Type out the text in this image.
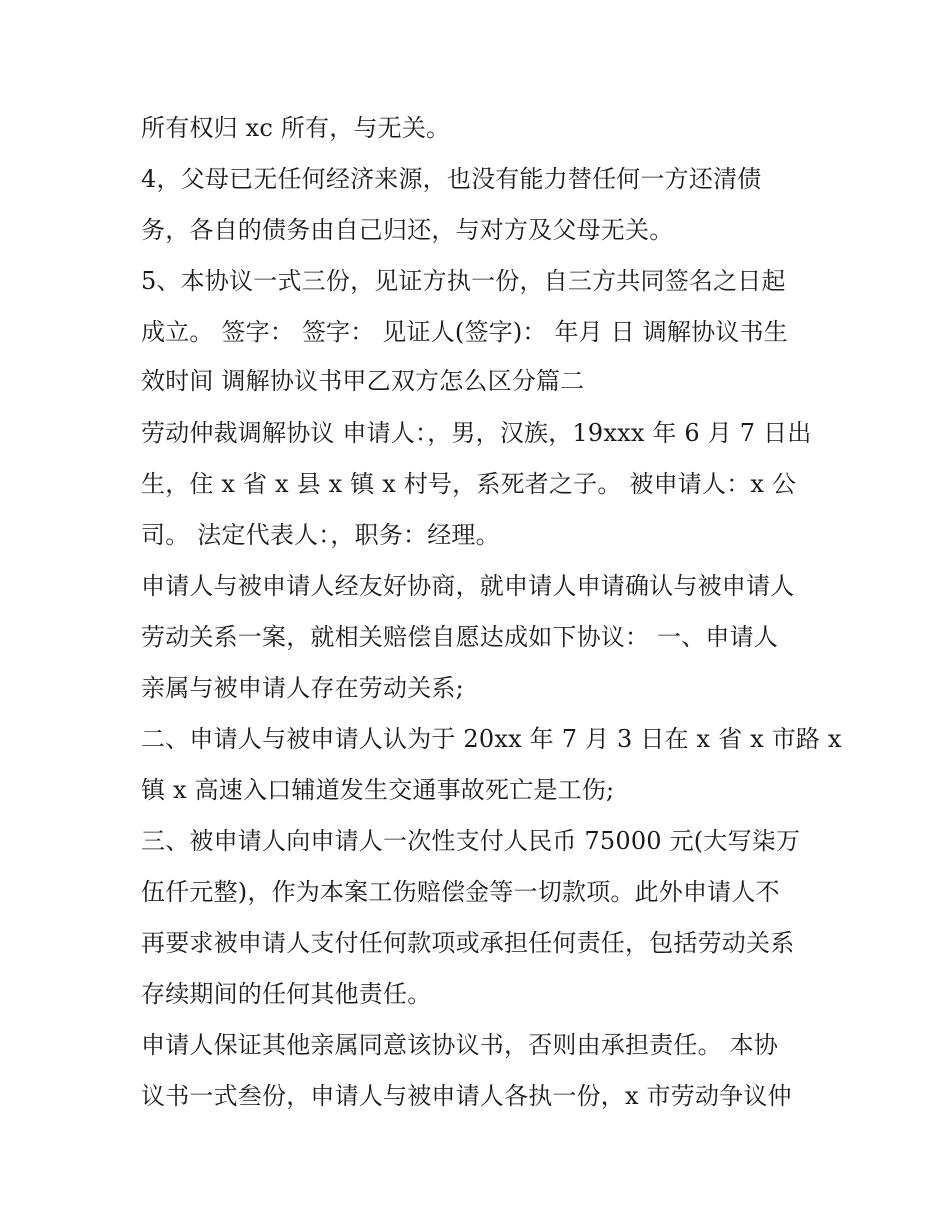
所有权归 xc 所有，与无关。
4，父母已无任何经济来源，也没有能力替任何一方还清债
务，各自的债务由自己归还，与对方及父母无关。
5、本协议一式三份，见证方执一份，自三方共同签名之日起
成立。 签字： 签字： 见证人(签字)： 年月 日 调解协议书生
效时间 调解协议书甲乙双方怎么区分篇二
劳动仲裁调解协议 申请人：，男，汉族，19xxx 年 6 月 7 日出
生，住 x 省 x 县 x 镇 x 村号，系死者之子。 被申请人：x 公
司。 法定代表人：，职务：经理。
申请人与被申请人经友好协商，就申请人申请确认与被申请人
劳动关系一案，就相关赔偿自愿达成如下协议： 一、申请人
亲属与被申请人存在劳动关系;
二、申请人与被申请人认为于 20xx 年 7 月 3 日在 x 省 x 市路 x
镇 x 高速入口辅道发生交通事故死亡是工伤;
三、被申请人向申请人一次性支付人民币 75000 元(大写柒万
伍仟元整)，作为本案工伤赔偿金等一切款项。此外申请人不
再要求被申请人支付任何款项或承担任何责任，包括劳动关系
存续期间的任何其他责任。
申请人保证其他亲属同意该协议书，否则由承担责任。 本协
议书一式叁份，申请人与被申请人各执一份，x 市劳动争议仲
